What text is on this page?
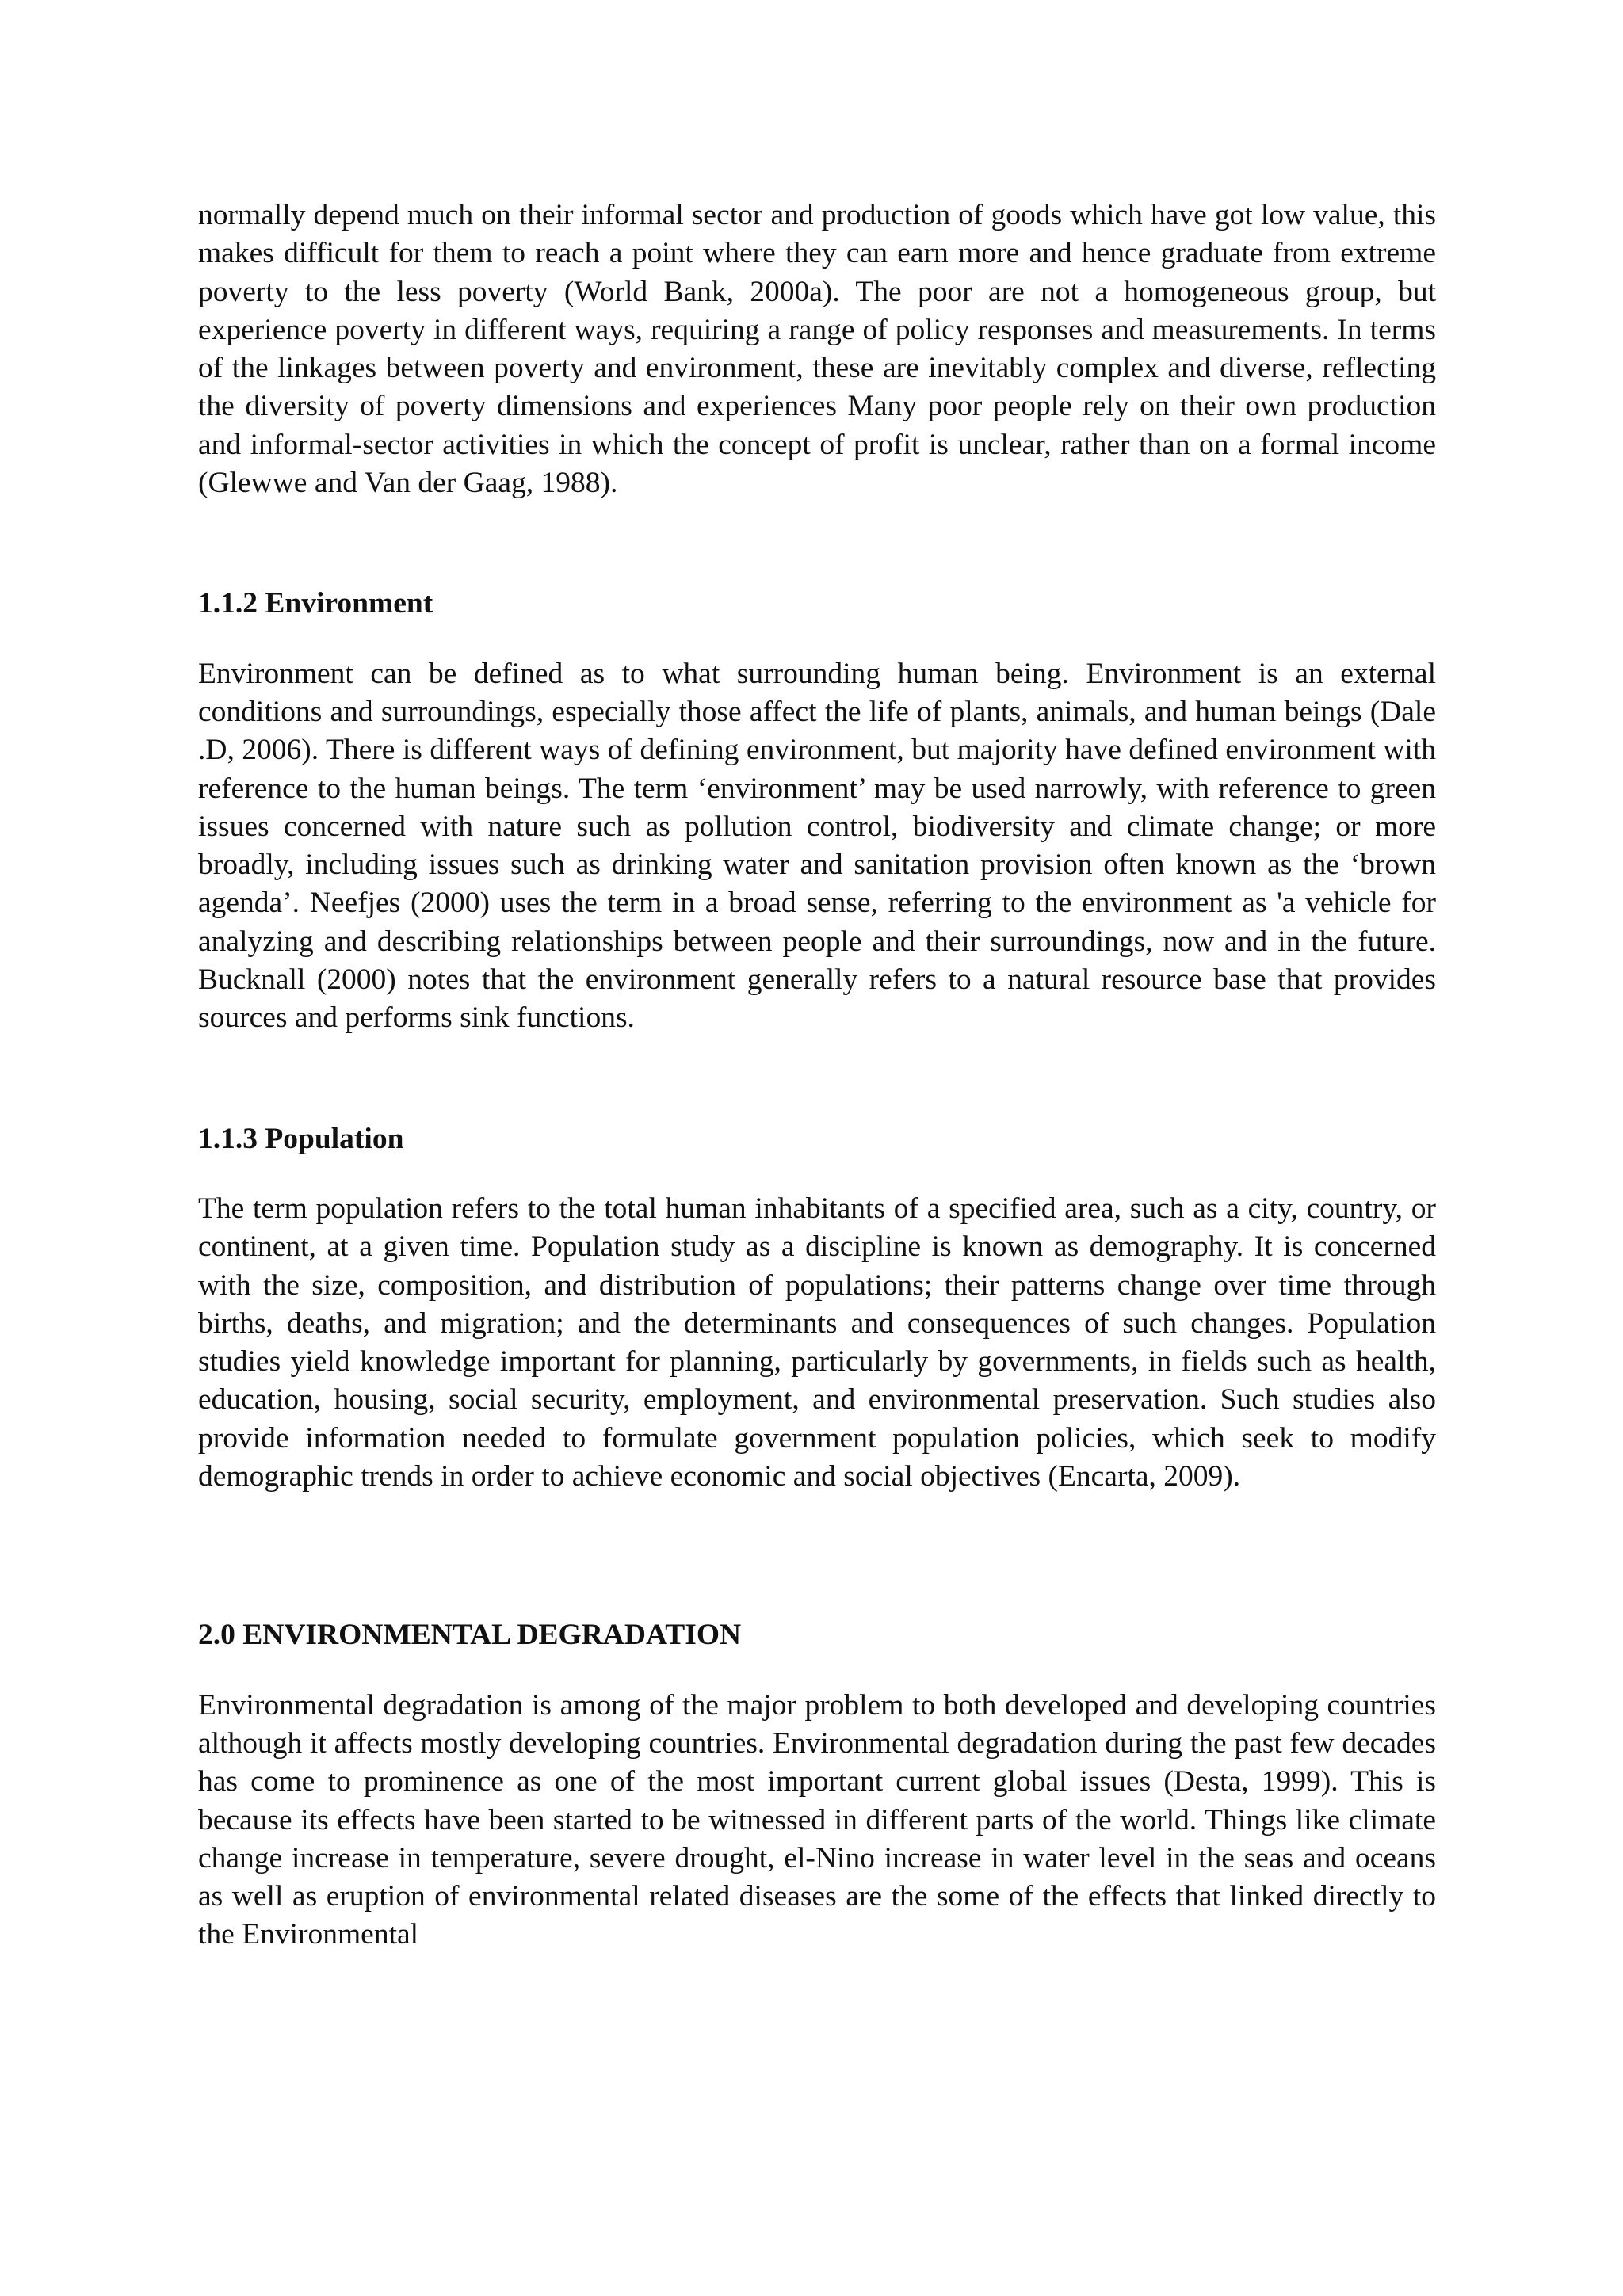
normally depend much on their informal sector and production of goods which have got low value, this makes difficult for them to reach a point where they can earn more and hence graduate from extreme poverty to the less poverty (World Bank, 2000a). The poor are not a homogeneous group, but experience poverty in different ways, requiring a range of policy responses and measurements. In terms of the linkages between poverty and environment, these are inevitably complex and diverse, reflecting the diversity of poverty dimensions and experiences Many poor people rely on their own production and informal-sector activities in which the concept of profit is unclear, rather than on a formal income (Glewwe and Van der Gaag, 1988).

1.1.2 Environment

Environment can be defined as to what surrounding human being. Environment is an external conditions and surroundings, especially those affect the life of plants, animals, and human beings (Dale .D, 2006). There is different ways of defining environment, but majority have defined environment with reference to the human beings. The term ‘environment’ may be used narrowly, with reference to green issues concerned with nature such as pollution control, biodiversity and climate change; or more broadly, including issues such as drinking water and sanitation provision often known as the ‘brown agenda’. Neefjes (2000) uses the term in a broad sense, referring to the environment as 'a vehicle for analyzing and describing relationships between people and their surroundings, now and in the future. Bucknall (2000) notes that the environment generally refers to a natural resource base that provides sources and performs sink functions.

1.1.3 Population

The term population refers to the total human inhabitants of a specified area, such as a city, country, or continent, at a given time. Population study as a discipline is known as demography. It is concerned with the size, composition, and distribution of populations; their patterns change over time through births, deaths, and migration; and the determinants and consequences of such changes. Population studies yield knowledge important for planning, particularly by governments, in fields such as health, education, housing, social security, employment, and environmental preservation. Such studies also provide information needed to formulate government population policies, which seek to modify demographic trends in order to achieve economic and social objectives (Encarta, 2009).

2.0 ENVIRONMENTAL DEGRADATION

Environmental degradation is among of the major problem to both developed and developing countries although it affects mostly developing countries. Environmental degradation during the past few decades has come to prominence as one of the most important current global issues (Desta, 1999). This is because its effects have been started to be witnessed in different parts of the world. Things like climate change increase in temperature, severe drought, el-Nino increase in water level in the seas and oceans as well as eruption of environmental related diseases are the some of the effects that linked directly to the Environmental
